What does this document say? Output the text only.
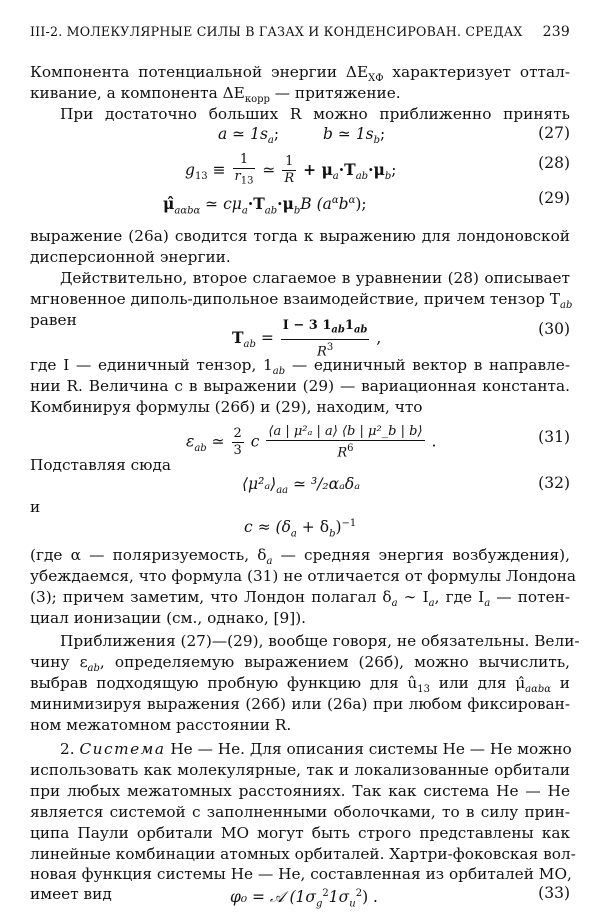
III-2. МОЛЕКУЛЯРНЫЕ СИЛЫ В ГАЗАХ И КОНДЕНСИРОВАН. СРЕДАХ 239
Компонента потенциальной энергии $\Delta E_{ХФ}$ характеризует оттал-
кивание, а компонента $\Delta E_{корр}$ — притяжение.
При достаточно больших R можно приближенно принять
a ≃ $1s_a$;	b ≃ $1s_b$;	(27)
$g_{13} \equiv \frac{1}{r_{13}}$ ≃ $\frac{1}{R} + \mu_a\cdot T_{ab}\cdot\mu_b$;	(28)
$\mû_{a\alpha b\alpha}$ ≃ $c\mu_a\cdot T_{ab}\cdot\mu_bB$ $(a^\alpha b^\alpha)$;	(29)
выражение (26а) сводится тогда к выражению для лондоновской
дисперсионной энергии.
Действительно, второе слагаемое в уравнении (28) описывает
мгновенное диполь-дипольное взаимодействие, причем тензор $T_{ab}$
равен
$T_{ab} = \frac{I - 3 1_{ab}1_{ab}}{R^3}$ ,	(30)
где I — единичный тензор, $1_{ab}$ — единичный вектор в направле-
нии R. Величина c в выражении (29) — вариационная константа.
Комбинируя формулы (26б) и (29), находим, что
$\varepsilon_{ab}$ ≃ $\frac{2}{3}$ c $\frac{\text{⟨a | μ²ₐ | a⟩ ⟨b | μ²\_b | b⟩}}{R^6}$ .	(31)
Подставляя сюда
$⟨\mu^2_a⟩_{aa}$ ≃ ³/₂αₐδₐ	(32)
и
$c \approx (\delta_a + \delta_b)^{-1}$
(где α — поляризуемость, $\delta_a$ — средняя энергия возбуждения),
убеждаемся, что формула (31) не отличается от формулы Лондона
(3); причем заметим, что Лондон полагал $\delta_a$ ∼ $I_a$, где $I_a$ — потен-
циал ионизации (см., однако, [9]).
Приближения (27)—(29), вообще говоря, не обязательны. Вели-
чину $\varepsilon_{ab}$, определяемую выражением (26б), можно вычислить,
выбрав подходящую пробную функцию для $û_{13}$ или для $\mû_{a\alpha b\alpha}$ и
минимизируя выражения (26б) или (26а) при любом фиксирован-
ном межатомном расстоянии R.
2. Система He — He. Для описания системы He — He можно
использовать как молекулярные, так и локализованные орбитали
при любых межатомных расстояниях. Так как система He — He
является системой с заполненными оболочками, то в силу прин-
ципа Паули орбитали МО могут быть строго представлены как
линейные комбинации атомных орбиталей. Хартри-фоковская вол-
новая функция системы He — He, составленная из орбиталей МО,
имеет вид	φ₀ = 𝒜 $(1\sigma_g^21\sigma_u^2)$ .	(33)
